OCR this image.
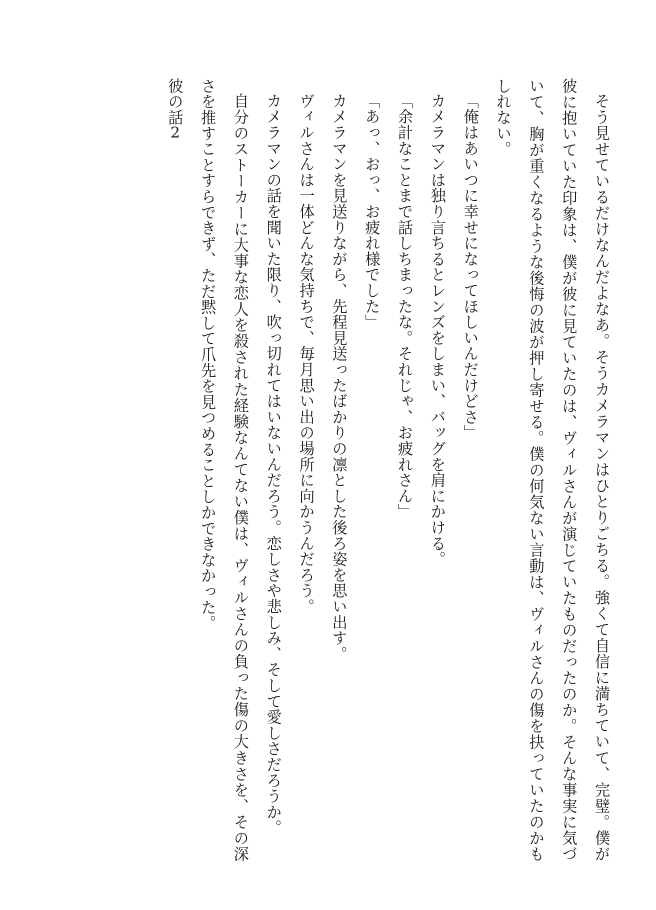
そう見せているだけなんだよなあ。そうカメラマンはひとりごちる。強くて自信に満ちていて、完璧。僕が彼に抱いていた印象は、僕が彼に見ていたのは、ヴィルさんが演じていたものだったのか。そんな事実に気づいて、胸が重くなるような後悔の波が押し寄せる。僕の何気ない言動は、ヴィルさんの傷を抉っていたのかもしれない。

「俺はあいつに幸せになってほしいんだけどさ」

カメラマンは独り言ちるとレンズをしまい、バッグを肩にかける。

「余計なことまで話しちまったな。それじゃ、お疲れさん」

「あっ、おっ、お疲れ様でした」

カメラマンを見送りながら、先程見送ったばかりの凛とした後ろ姿を思い出す。

ヴィルさんは一体どんな気持ちで、毎月思い出の場所に向かうんだろう。

カメラマンの話を聞いた限り、吹っ切れてはいないんだろう。恋しさや悲しみ、そして愛しさだろうか。

自分のストーカーに大事な恋人を殺された経験なんてない僕は、ヴィルさんの負った傷の大きさを、その深さを推すことすらできず、ただ黙して爪先を見つめることしかできなかった。

彼の話2
